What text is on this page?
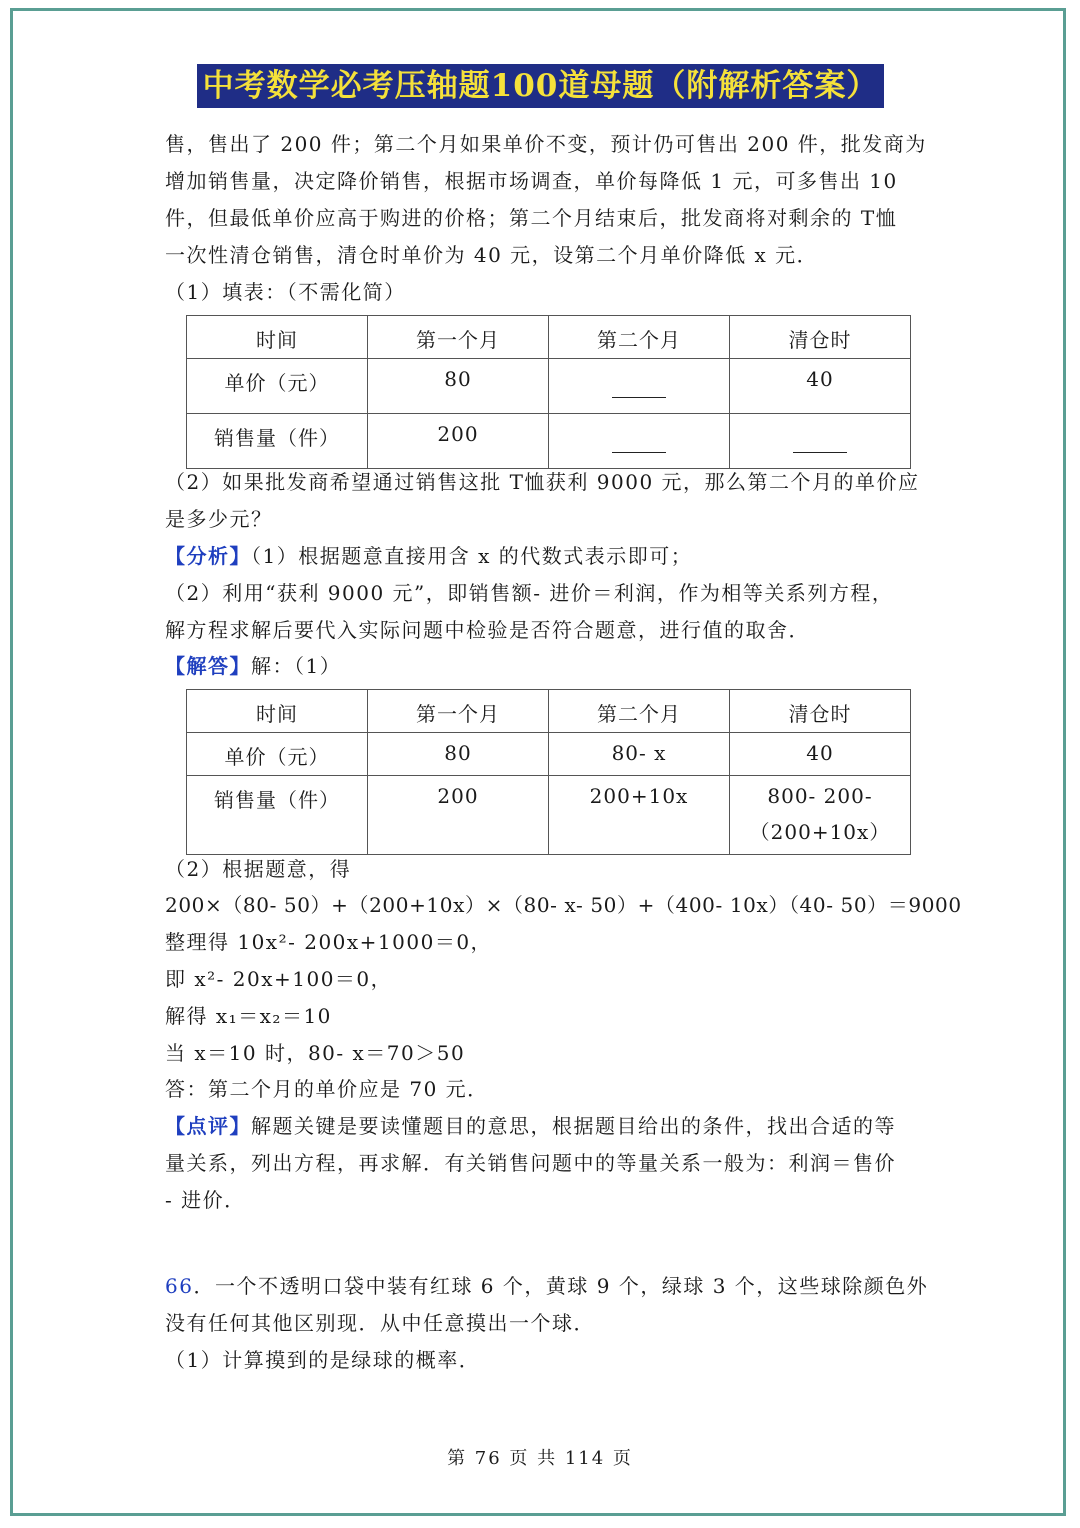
中考数学必考压轴题100道母题（附解析答案）
售，售出了 200 件；第二个月如果单价不变，预计仍可售出 200 件，批发商为
增加销售量，决定降价销售，根据市场调查，单价每降低 1 元，可多售出 10
件，但最低单价应高于购进的价格；第二个月结束后，批发商将对剩余的 T恤
一次性清仓销售，清仓时单价为 40 元，设第二个月单价降低 x 元．
（1）填表：（不需化简）
时间	第一个月	第二个月	清仓时
单价（元）	80		40
销售量（件）	200		
（2）如果批发商希望通过销售这批 T恤获利 9000 元，那么第二个月的单价应
是多少元？
【分析】（1）根据题意直接用含 x 的代数式表示即可；
（2）利用“获利 9000 元”，即销售额- 进价＝利润，作为相等关系列方程，
解方程求解后要代入实际问题中检验是否符合题意，进行值的取舍．
【解答】解：（1）
时间	第一个月	第二个月	清仓时
单价（元）	80	80- x	40
销售量（件）	200	200+10x	800- 200-
（200+10x）
（2）根据题意，得
200×（80- 50）+（200+10x）×（80- x- 50）+（400- 10x）（40- 50）＝9000
整理得 10x²- 200x+1000＝0，
即 x²- 20x+100＝0，
解得 x₁＝x₂＝10
当 x＝10 时，80- x＝70＞50
答：第二个月的单价应是 70 元．
【点评】解题关键是要读懂题目的意思，根据题目给出的条件，找出合适的等
量关系，列出方程，再求解．有关销售问题中的等量关系一般为：利润＝售价
- 进价．
66．一个不透明口袋中装有红球 6 个，黄球 9 个，绿球 3 个，这些球除颜色外
没有任何其他区别现．从中任意摸出一个球．
（1）计算摸到的是绿球的概率．
第 76 页 共 114 页
